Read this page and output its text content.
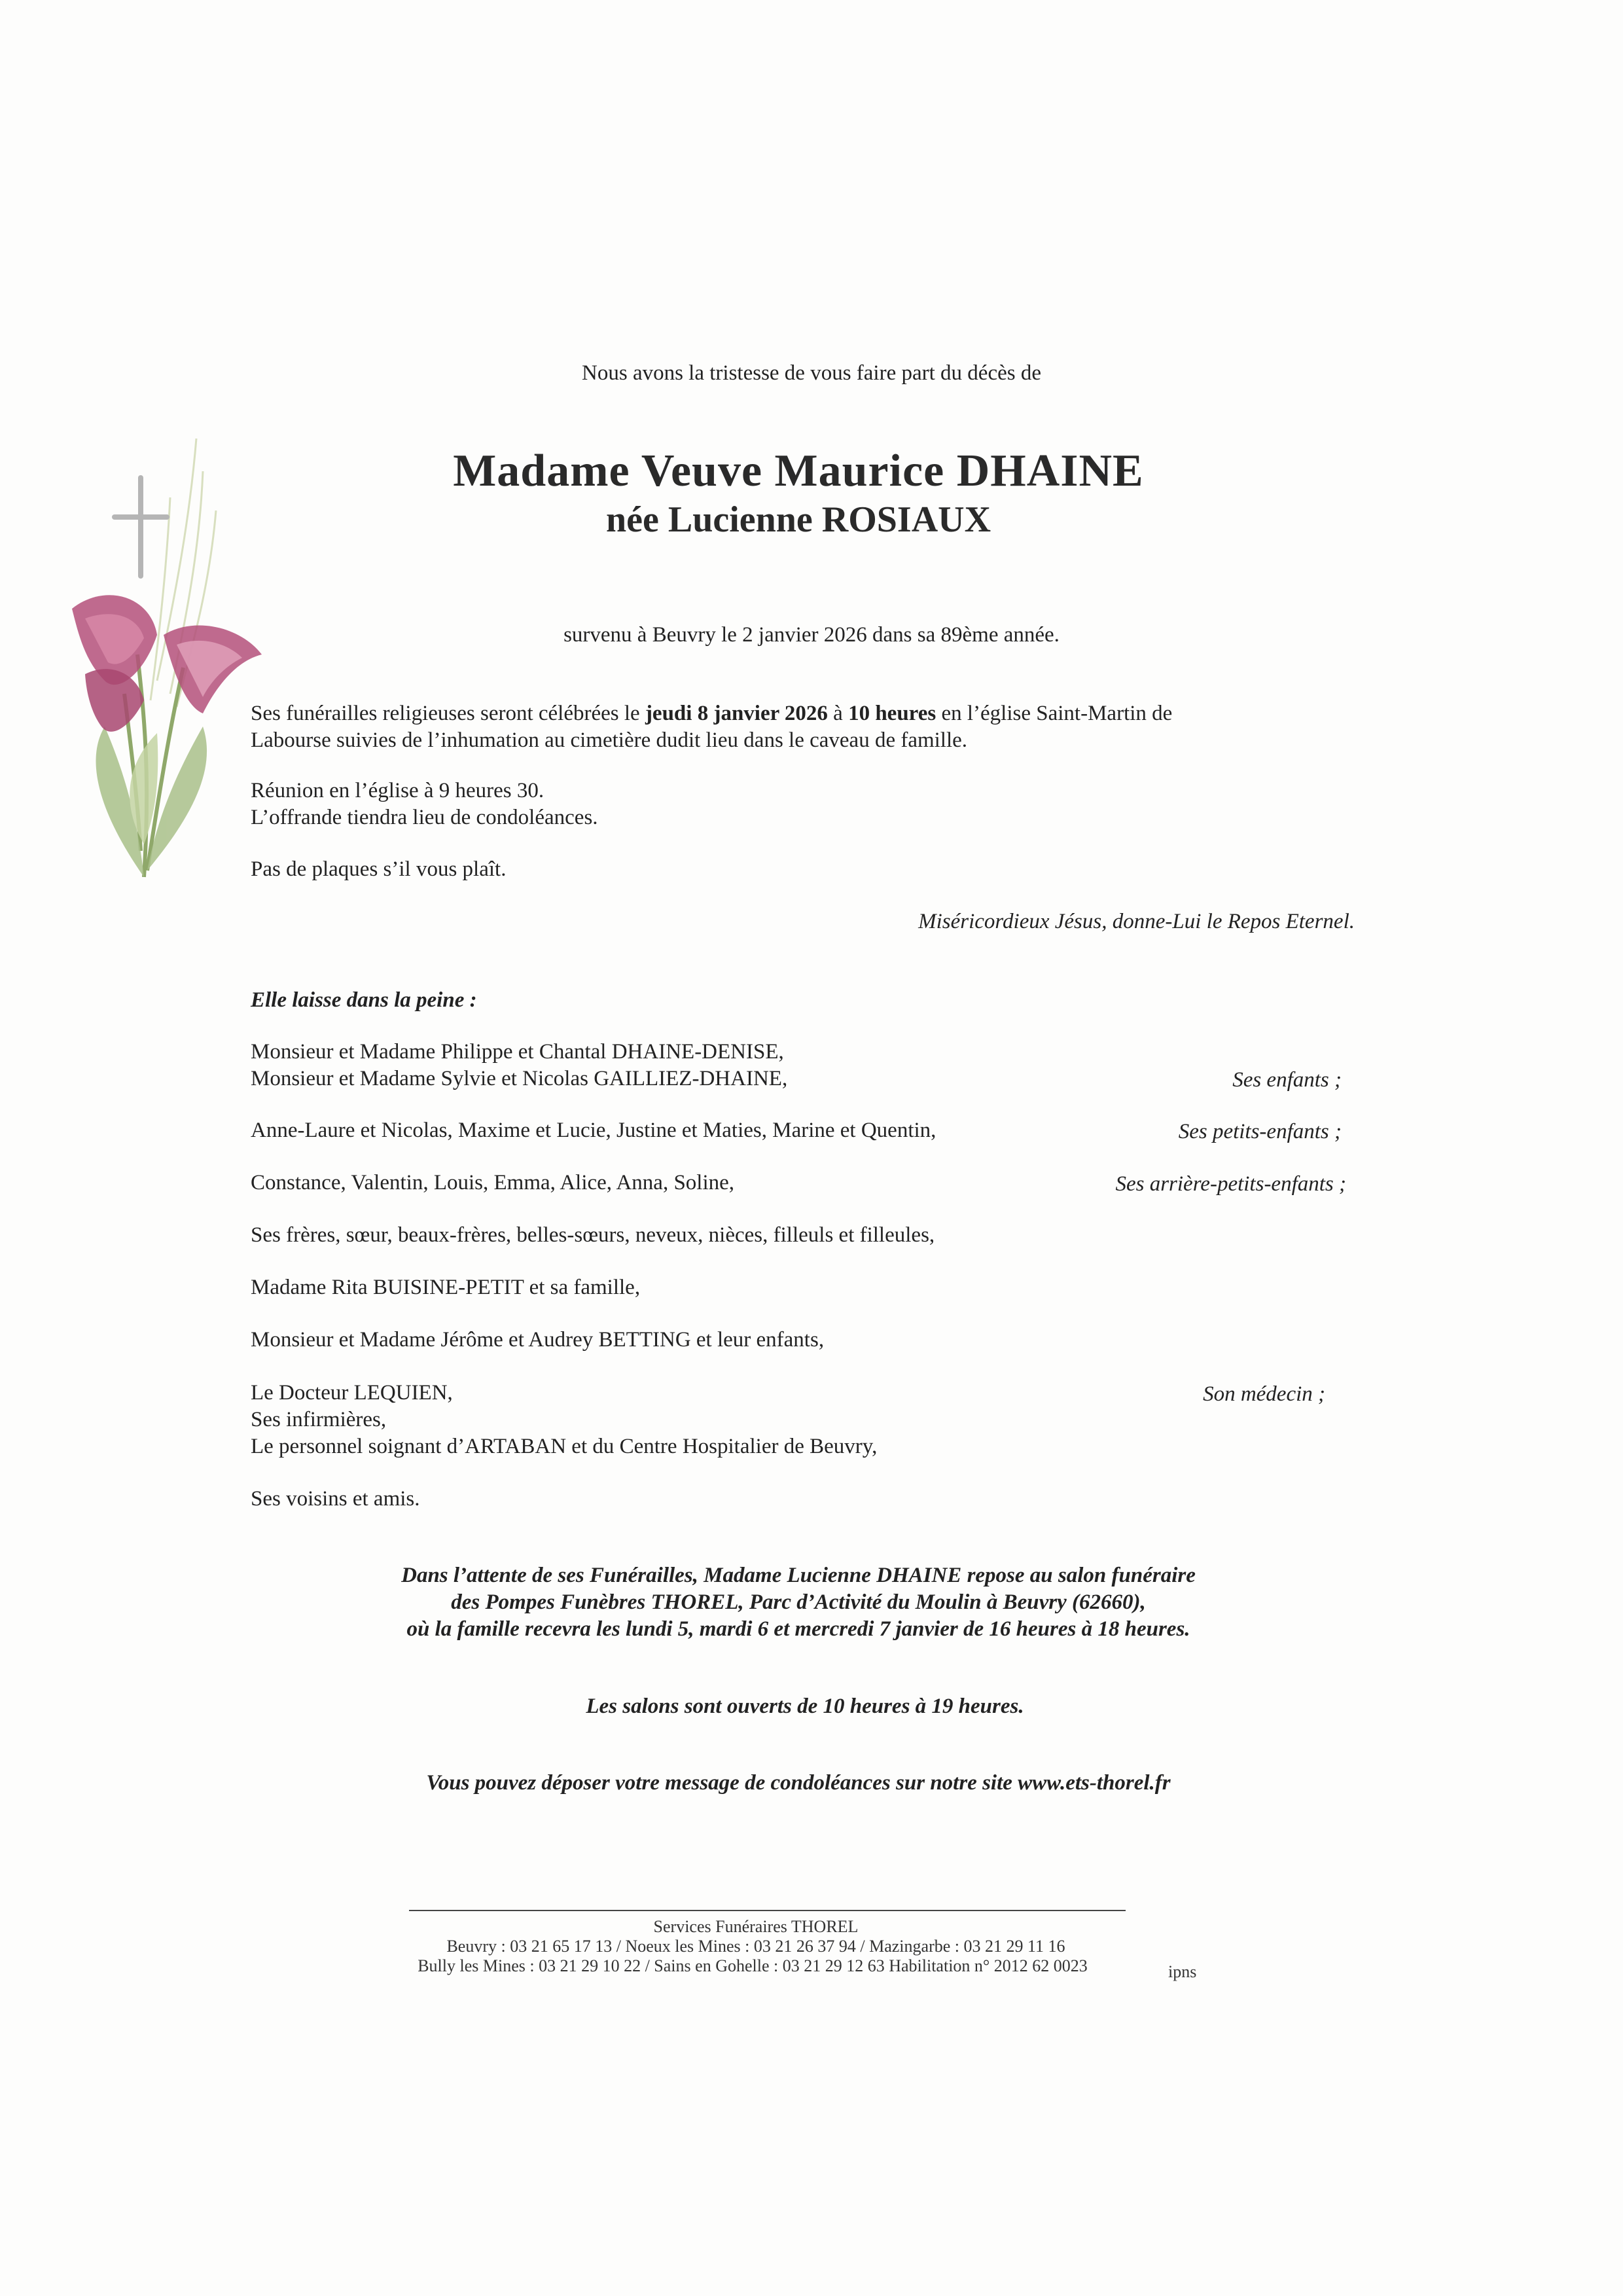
Nous avons la tristesse de vous faire part du décès de
Madame Veuve Maurice DHAINE
née Lucienne ROSIAUX
survenu à Beuvry le 2 janvier 2026 dans sa 89ème année.
Ses funérailles religieuses seront célébrées le jeudi 8 janvier 2026 à 10 heures en l’église Saint-Martin de
Labourse suivies de l’inhumation au cimetière dudit lieu dans le caveau de famille.
Réunion en l’église à 9 heures 30.
L’offrande tiendra lieu de condoléances.
Pas de plaques s’il vous plaît.
Miséricordieux Jésus, donne-Lui le Repos Eternel.
Elle laisse dans la peine :
Monsieur et Madame Philippe et Chantal DHAINE-DENISE,
Monsieur et Madame Sylvie et Nicolas GAILLIEZ-DHAINE,	Ses enfants ;
Anne-Laure et Nicolas, Maxime et Lucie, Justine et Maties, Marine et Quentin,	Ses petits-enfants ;
Constance, Valentin, Louis, Emma, Alice, Anna, Soline,	Ses arrière-petits-enfants ;
Ses frères, sœur, beaux-frères, belles-sœurs, neveux, nièces, filleuls et filleules,
Madame Rita BUISINE-PETIT et sa famille,
Monsieur et Madame Jérôme et Audrey BETTING et leur enfants,
Le Docteur LEQUIEN,	Son médecin ;
Ses infirmières,
Le personnel soignant d’ARTABAN et du Centre Hospitalier de Beuvry,
Ses voisins et amis.
Dans l’attente de ses Funérailles, Madame Lucienne DHAINE repose au salon funéraire
des Pompes Funèbres THOREL, Parc d’Activité du Moulin à Beuvry (62660),
où la famille recevra les lundi 5, mardi 6 et mercredi 7 janvier de 16 heures à 18 heures.
Les salons sont ouverts de 10 heures à 19 heures.
Vous pouvez déposer votre message de condoléances sur notre site www.ets-thorel.fr
Services Funéraires THOREL
Beuvry : 03 21 65 17 13 / Noeux les Mines : 03 21 26 37 94 / Mazingarbe : 03 21 29 11 16
Bully les Mines : 03 21 29 10 22 / Sains en Gohelle : 03 21 29 12 63 Habilitation n° 2012 62 0023	ipns
